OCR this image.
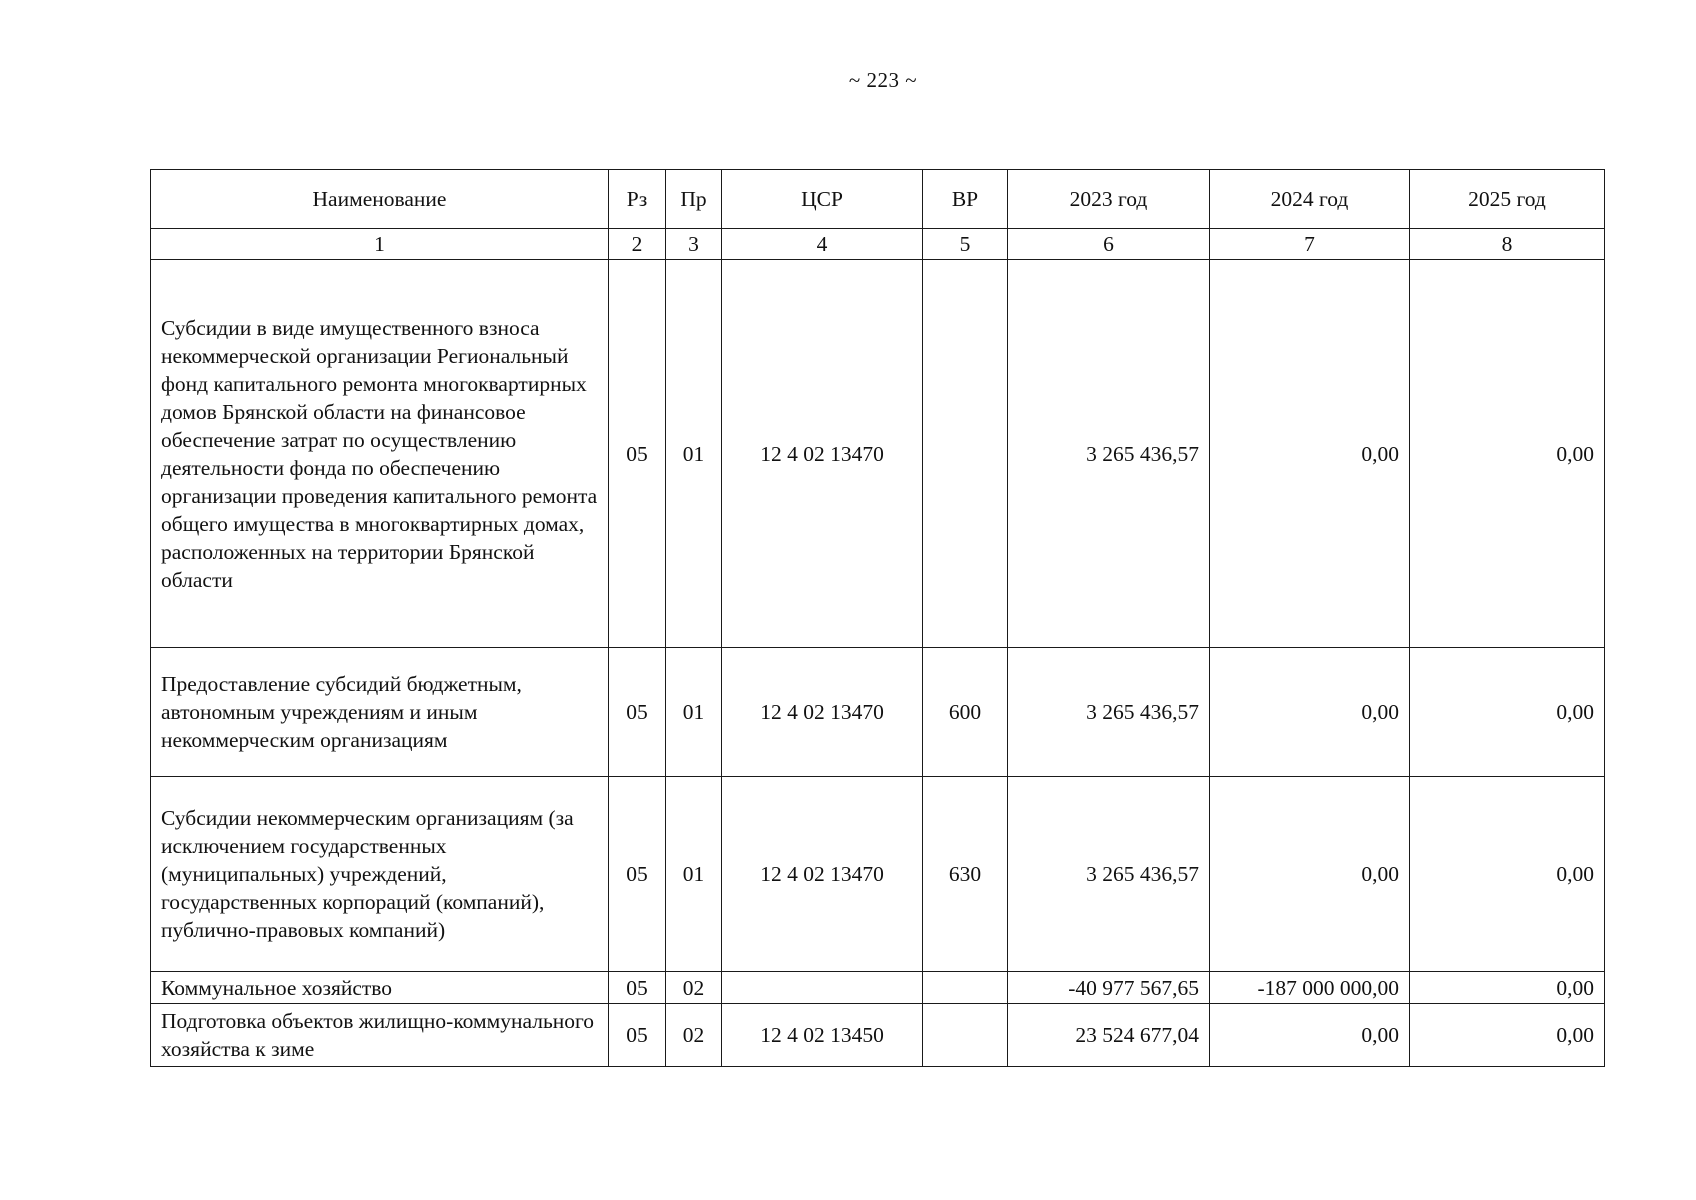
~ 223 ~
Наименование	Рз	Пр	ЦСР	ВР	2023 год	2024 год	2025 год
1	2	3	4	5	6	7	8
Субсидии в виде имущественного взноса некоммерческой организации Региональный фонд капитального ремонта многоквартирных домов Брянской области на финансовое обеспечение затрат по осуществлению деятельности фонда по обеспечению организации проведения капитального ремонта общего имущества в многоквартирных домах, расположенных на территории Брянской области	05	01	12 4 02 13470		3 265 436,57	0,00	0,00
Предоставление субсидий бюджетным, автономным учреждениям и иным некоммерческим организациям	05	01	12 4 02 13470	600	3 265 436,57	0,00	0,00
Субсидии некоммерческим организациям (за исключением государственных (муниципальных) учреждений, государственных корпораций (компаний), публично-правовых компаний)	05	01	12 4 02 13470	630	3 265 436,57	0,00	0,00
Коммунальное хозяйство	05	02			-40 977 567,65	-187 000 000,00	0,00
Подготовка объектов жилищно-коммунального хозяйства к зиме	05	02	12 4 02 13450		23 524 677,04	0,00	0,00
